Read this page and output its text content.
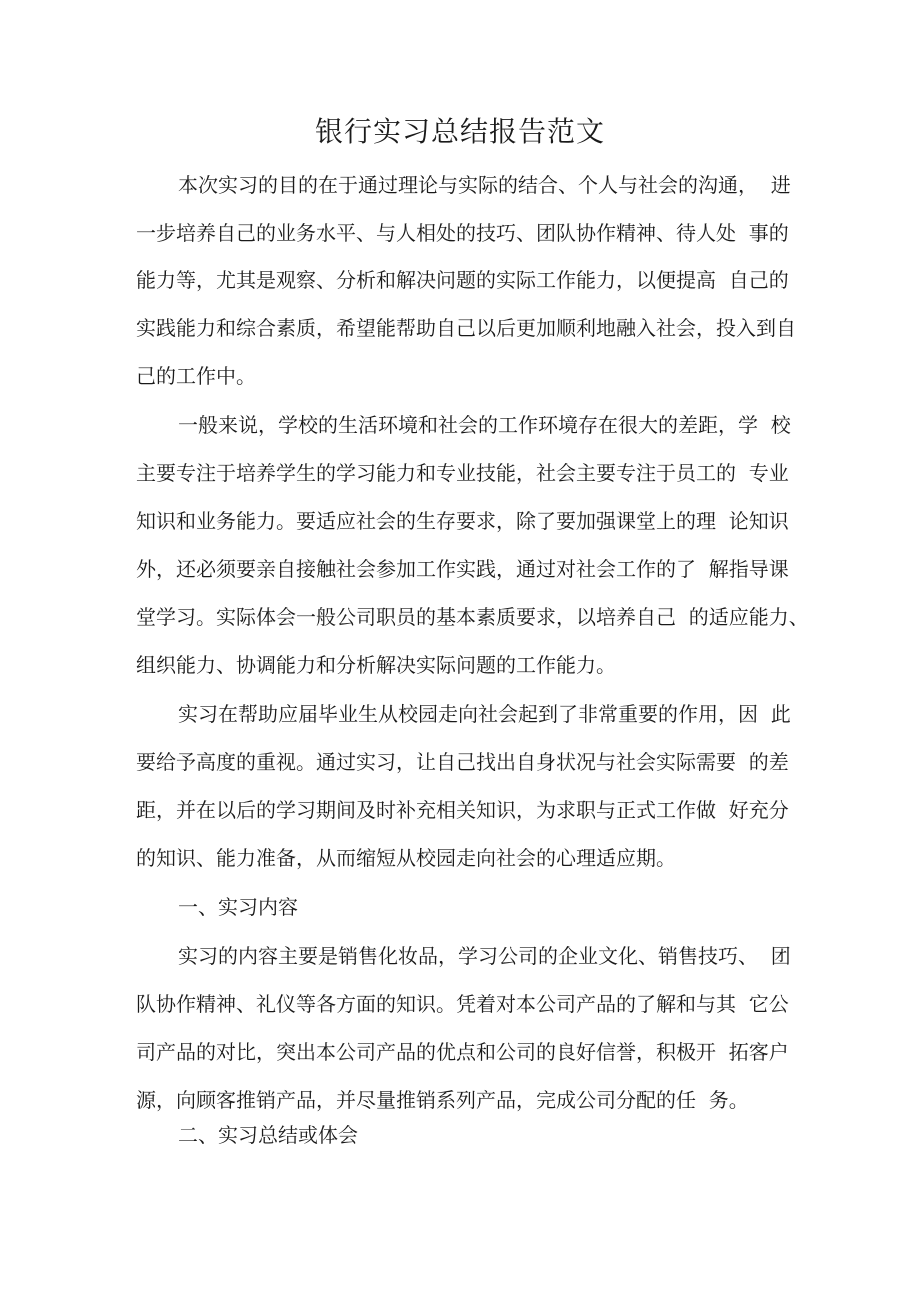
银行实习总结报告范文

本次实习的目的在于通过理论与实际的结合、个人与社会的沟通，  进

一步培养自己的业务水平、与人相处的技巧、团队协作精神、待人处  事的

能力等，尤其是观察、分析和解决问题的实际工作能力，以便提高  自己的

实践能力和综合素质，希望能帮助自己以后更加顺利地融入社会，投入到自

己的工作中。

一般来说，学校的生活环境和社会的工作环境存在很大的差距，学  校

主要专注于培养学生的学习能力和专业技能，社会主要专注于员工的  专业

知识和业务能力。要适应社会的生存要求，除了要加强课堂上的理  论知识

外，还必须要亲自接触社会参加工作实践，通过对社会工作的了  解指导课

堂学习。实际体会一般公司职员的基本素质要求，以培养自己  的适应能力、

组织能力、协调能力和分析解决实际问题的工作能力。

实习在帮助应届毕业生从校园走向社会起到了非常重要的作用，因  此

要给予高度的重视。通过实习，让自己找出自身状况与社会实际需要  的差

距，并在以后的学习期间及时补充相关知识，为求职与正式工作做  好充分

的知识、能力准备，从而缩短从校园走向社会的心理适应期。

一、实习内容

实习的内容主要是销售化妆品，学习公司的企业文化、销售技巧、  团

队协作精神、礼仪等各方面的知识。凭着对本公司产品的了解和与其  它公

司产品的对比，突出本公司产品的优点和公司的良好信誉，积极开  拓客户

源，向顾客推销产品，并尽量推销系列产品，完成公司分配的任  务。

二、实习总结或体会
